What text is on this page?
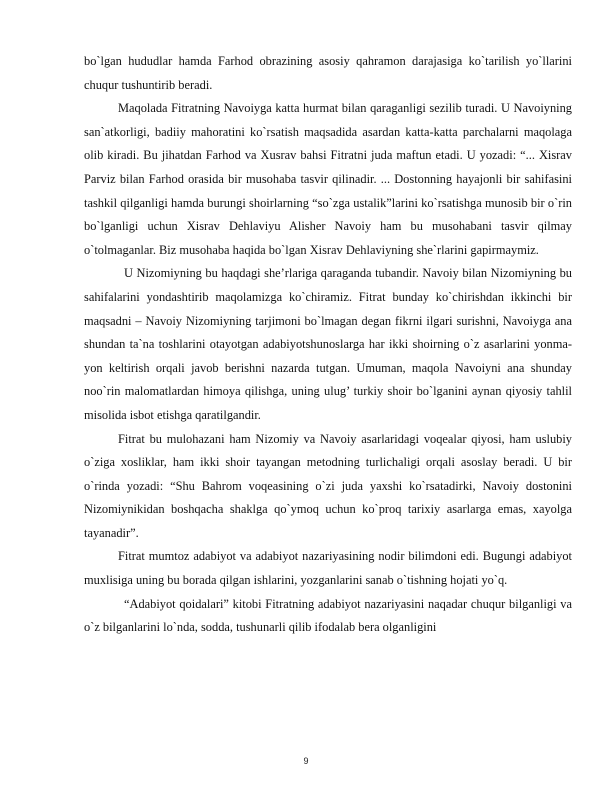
bo`lgan hududlar hamda Farhod obrazining asosiy qahramon darajasiga ko`tarilish yo`llarini chuqur tushuntirib beradi.

Maqolada Fitratning Navoiyga katta hurmat bilan qaraganligi sezilib turadi. U Navoiyning san`atkorligi, badiiy mahoratini ko`rsatish maqsadida asardan katta-katta parchalarni maqolaga olib kiradi. Bu jihatdan Farhod va Xusrav bahsi Fitratni juda maftun etadi. U yozadi: “... Xisrav Parviz bilan Farhod orasida bir musohaba tasvir qilinadir. ... Dostonning hayajonli bir sahifasini tashkil qilganligi hamda burungi shoirlarning “so`zga ustalik”larini ko`rsatishga munosib bir o`rin bo`lganligi uchun Xisrav Dehlaviyu Alisher Navoiy ham bu musohabani tasvir qilmay o`tolmaganlar. Biz musohaba haqida bo`lgan Xisrav Dehlaviyning she`rlarini gapirmaymiz.

U Nizomiyning bu haqdagi she’rlariga qaraganda tubandir. Navoiy bilan Nizomiyning bu sahifalarini yondashtirib maqolamizga ko`chiramiz. Fitrat bunday ko`chirishdan ikkinchi bir maqsadni – Navoiy Nizomiyning tarjimoni bo`lmagan degan fikrni ilgari surishni, Navoiyga ana shundan ta`na toshlarini otayotgan adabiyotshunoslarga har ikki shoirning o`z asarlarini yonma-yon keltirish orqali javob berishni nazarda tutgan. Umuman, maqola Navoiyni ana shunday noo`rin malomatlardan himoya qilishga, uning ulug’ turkiy shoir bo`lganini aynan qiyosiy tahlil misolida isbot etishga qaratilgandir.

Fitrat bu mulohazani ham Nizomiy va Navoiy asarlaridagi voqealar qiyosi, ham uslubiy o`ziga xosliklar, ham ikki shoir tayangan metodning turlichaligi orqali asoslay beradi. U bir o`rinda yozadi: “Shu Bahrom voqeasining o`zi juda yaxshi ko`rsatadirki, Navoiy dostonini Nizomiynikidan boshqacha shaklga qo`ymoq uchun ko`proq tarixiy asarlarga emas, xayolga tayanadir”.

Fitrat mumtoz adabiyot va adabiyot nazariyasining nodir bilimdoni edi. Bugungi adabiyot muxlisiga uning bu borada qilgan ishlarini, yozganlarini sanab o`tishning hojati yo`q.

“Adabiyot qoidalari” kitobi Fitratning adabiyot nazariyasini naqadar chuqur bilganligi va o`z bilganlarini lo`nda, sodda, tushunarli qilib ifodalab bera olganligini

9
